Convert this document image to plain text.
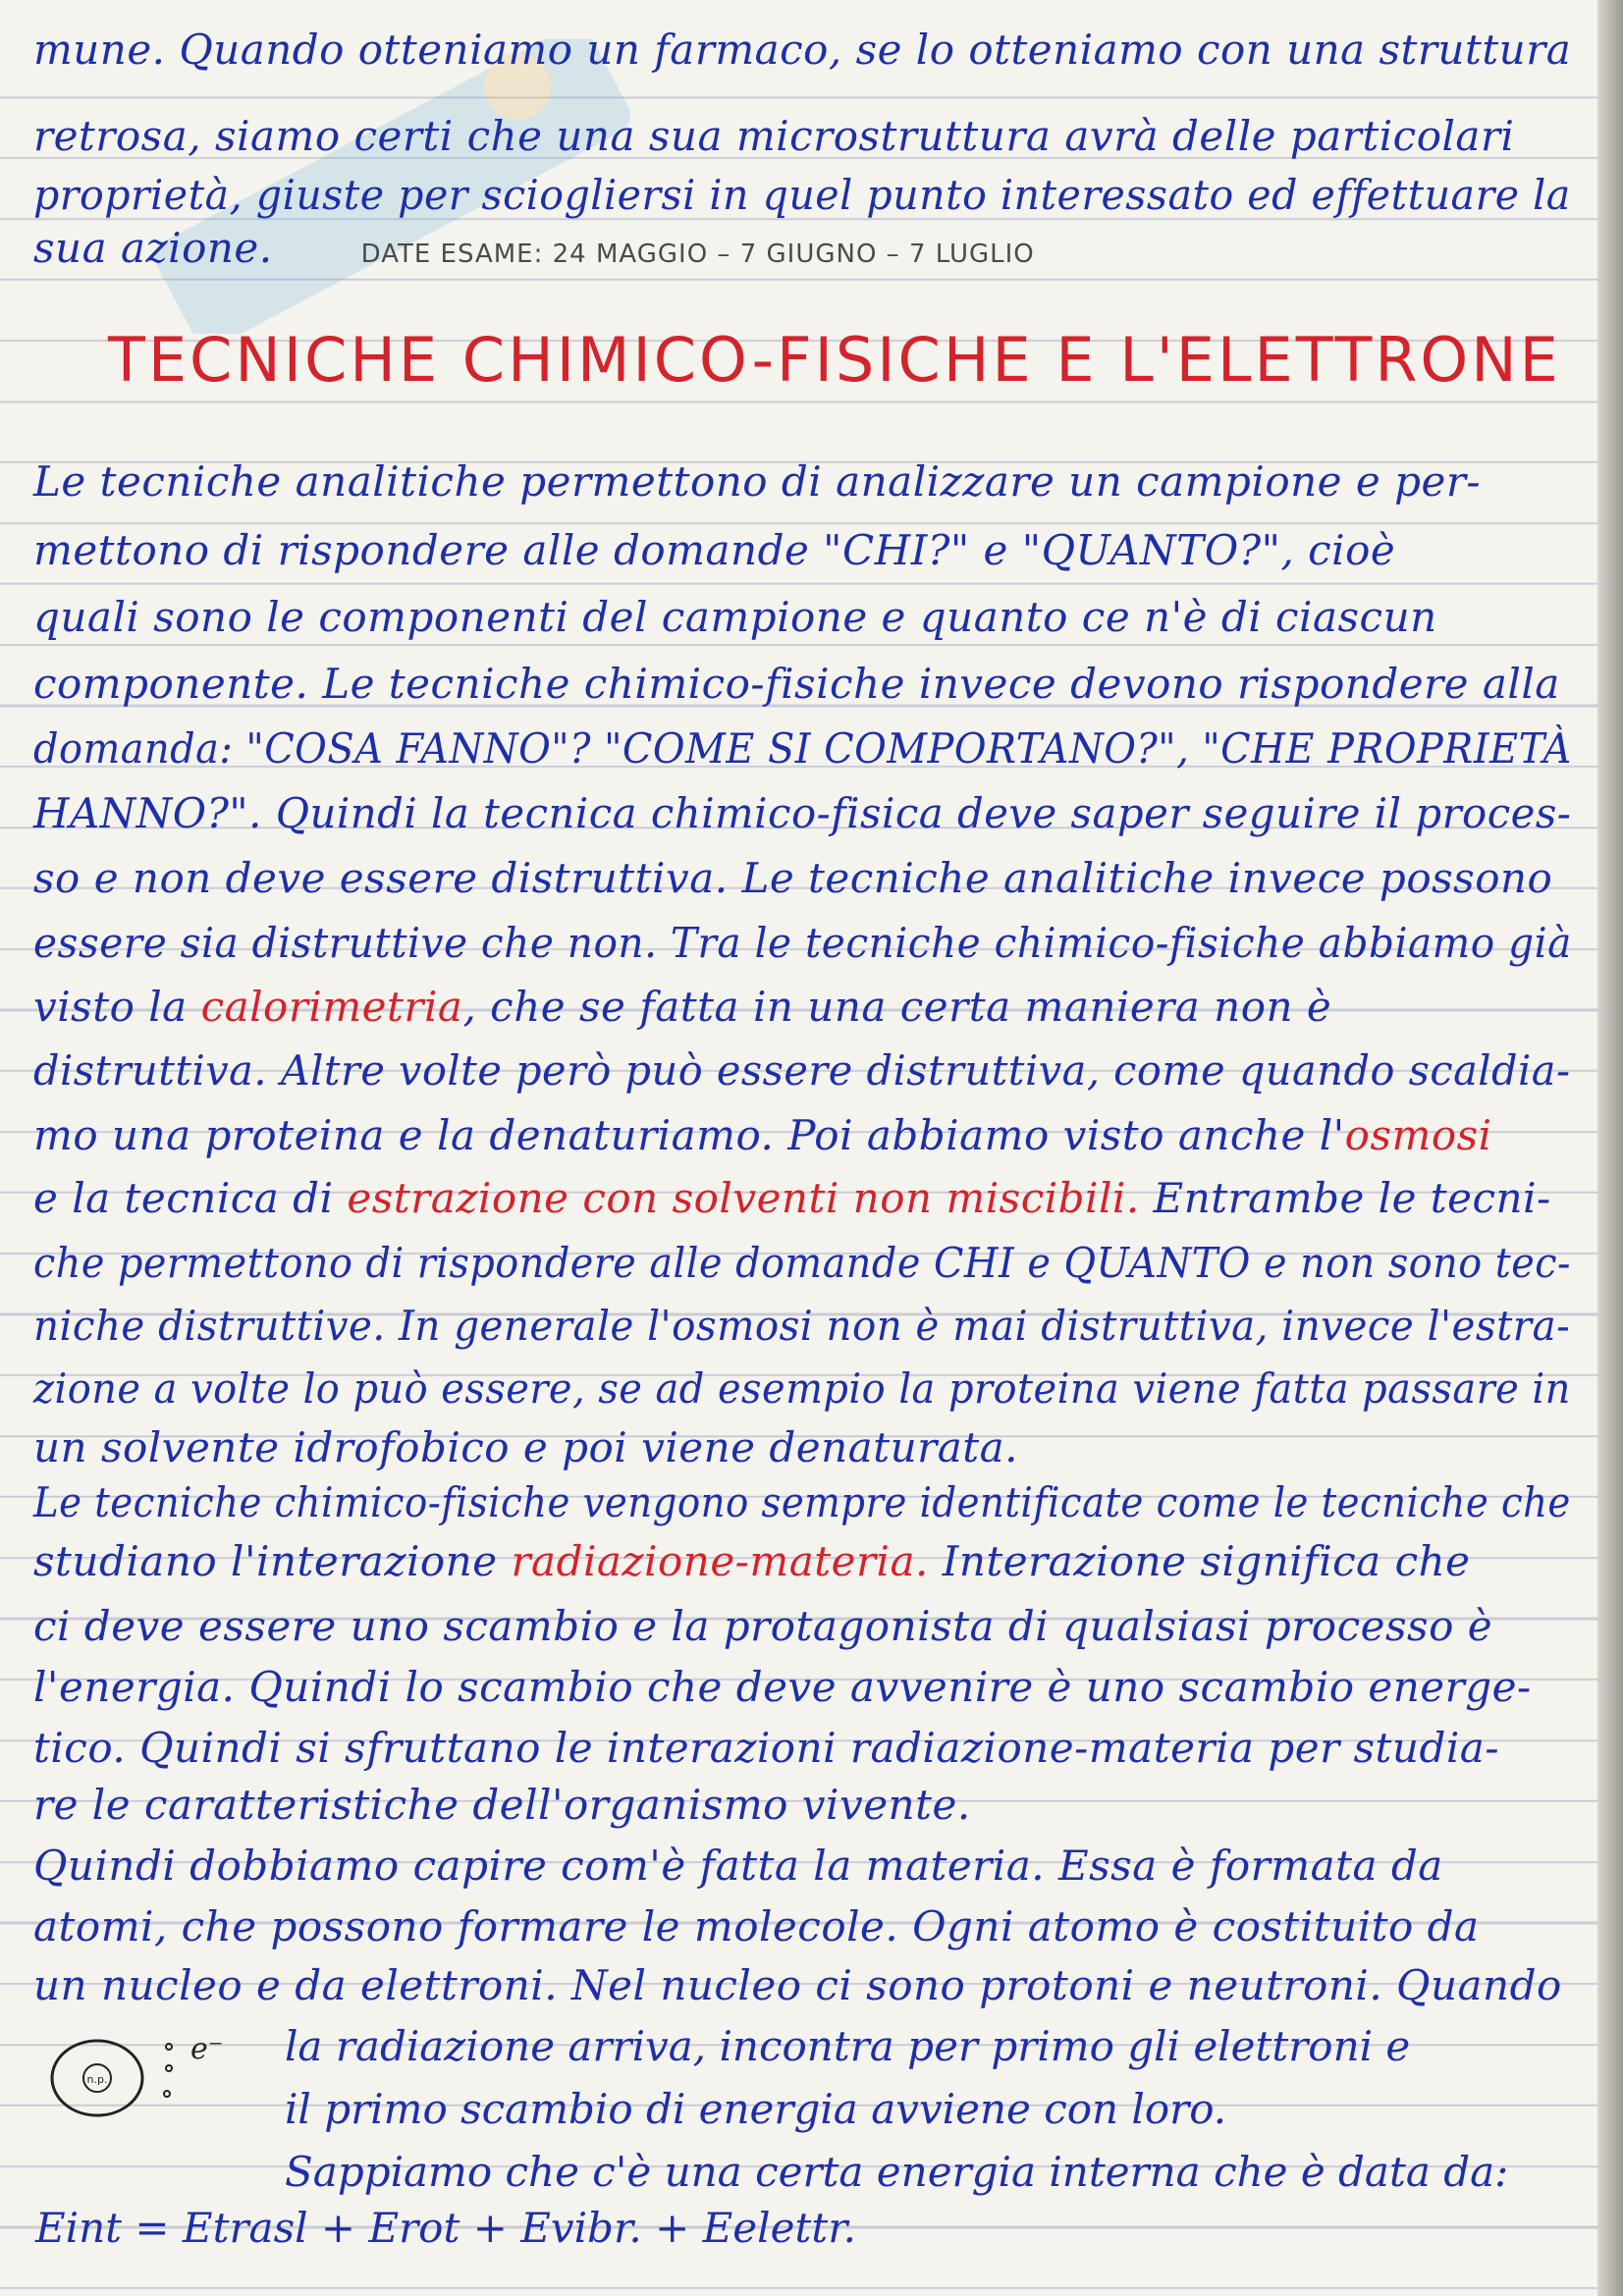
mune. Quando otteniamo un farmaco, se lo otteniamo con una struttura
retrosa, siamo certi che una sua microstruttura avrà delle particolari
proprietà, giuste per sciogliersi in quel punto interessato ed effettuare la
sua azione.	DATE ESAME: 24 MAGGIO – 7 GIUGNO – 7 LUGLIO
TECNICHE CHIMICO-FISICHE E L'ELETTRONE
Le tecniche analitiche permettono di analizzare un campione e per-
mettono di rispondere alle domande "CHI?" e "QUANTO?", cioè
quali sono le componenti del campione e quanto ce n'è di ciascun
componente. Le tecniche chimico-fisiche invece devono rispondere alla
domanda: "COSA FANNO"? "COME SI COMPORTANO?", "CHE PROPRIETÀ
HANNO?". Quindi la tecnica chimico-fisica deve saper seguire il proces-
so e non deve essere distruttiva. Le tecniche analitiche invece possono
essere sia distruttive che non. Tra le tecniche chimico-fisiche abbiamo già
visto la calorimetria, che se fatta in una certa maniera non è
distruttiva. Altre volte però può essere distruttiva, come quando scaldia-
mo una proteina e la denaturiamo. Poi abbiamo visto anche l'osmosi
e la tecnica di estrazione con solventi non miscibili. Entrambe le tecni-
che permettono di rispondere alle domande CHI e QUANTO e non sono tec-
niche distruttive. In generale l'osmosi non è mai distruttiva, invece l'estra-
zione a volte lo può essere, se ad esempio la proteina viene fatta passare in
un solvente idrofobico e poi viene denaturata.
Le tecniche chimico-fisiche vengono sempre identificate come le tecniche che
studiano l'interazione radiazione-materia. Interazione significa che
ci deve essere uno scambio e la protagonista di qualsiasi processo è
l'energia. Quindi lo scambio che deve avvenire è uno scambio energe-
tico. Quindi si sfruttano le interazioni radiazione-materia per studia-
re le caratteristiche dell'organismo vivente.
Quindi dobbiamo capire com'è fatta la materia. Essa è formata da
atomi, che possono formare le molecole. Ogni atomo è costituito da
un nucleo e da elettroni. Nel nucleo ci sono protoni e neutroni. Quando
n.p.
e⁻ la radiazione arriva, incontra per primo gli elettroni e
il primo scambio di energia avviene con loro.
Sappiamo che c'è una certa energia interna che è data da:
Eint = Etrasl + Erot + Evibr. + Eelettr.
